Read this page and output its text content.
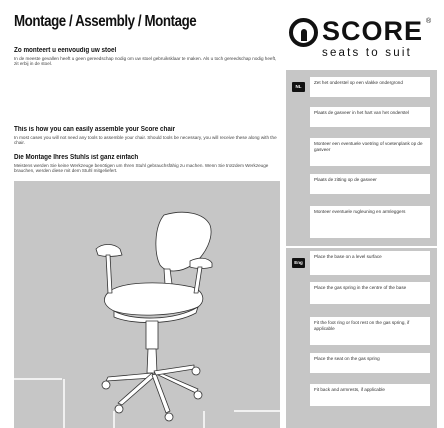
Montage / Assembly / Montage	SCORE ®
seats to suit
Zo monteert u eenvoudig uw stoel

In de meeste gevallen heeft u geen gereedschap nodig om uw stoel gebruiksklaar te maken. Als u toch gereedschap nodig heeft, zit erbij in de stoel.

This is how you can easily assemble your Score chair

In most cases you will not need any tools to assemble your chair. Should tools be necessary, you will receive these along with the chair.

Die Montage Ihres Stuhls ist ganz einfach

Meistens werden Sie keine Werkzeuge benötigen um Ihren Stuhl gebrauchsfähig zu machen. Wenn Sie trotzdem Werkzeuge brauchen, werden diese mit dem Stuhl mitgeliefert.

NL
Zet het onderstel op een vlakke ondergrond
Plaats de gasveer in het hart van het onderstel
Monteer een eventuele voetring of voetenplank op de gasveer
Plaats de zitting op de gasveer
Monteer eventuele rugleuning en armleggers
Eng
Place the base on a level surface
Place the gas spring in the centre of the base
Fit the foot ring or foot rest on the gas spring, if applicable
Place the seat on the gas spring
Fit back and armrests, if applicable
